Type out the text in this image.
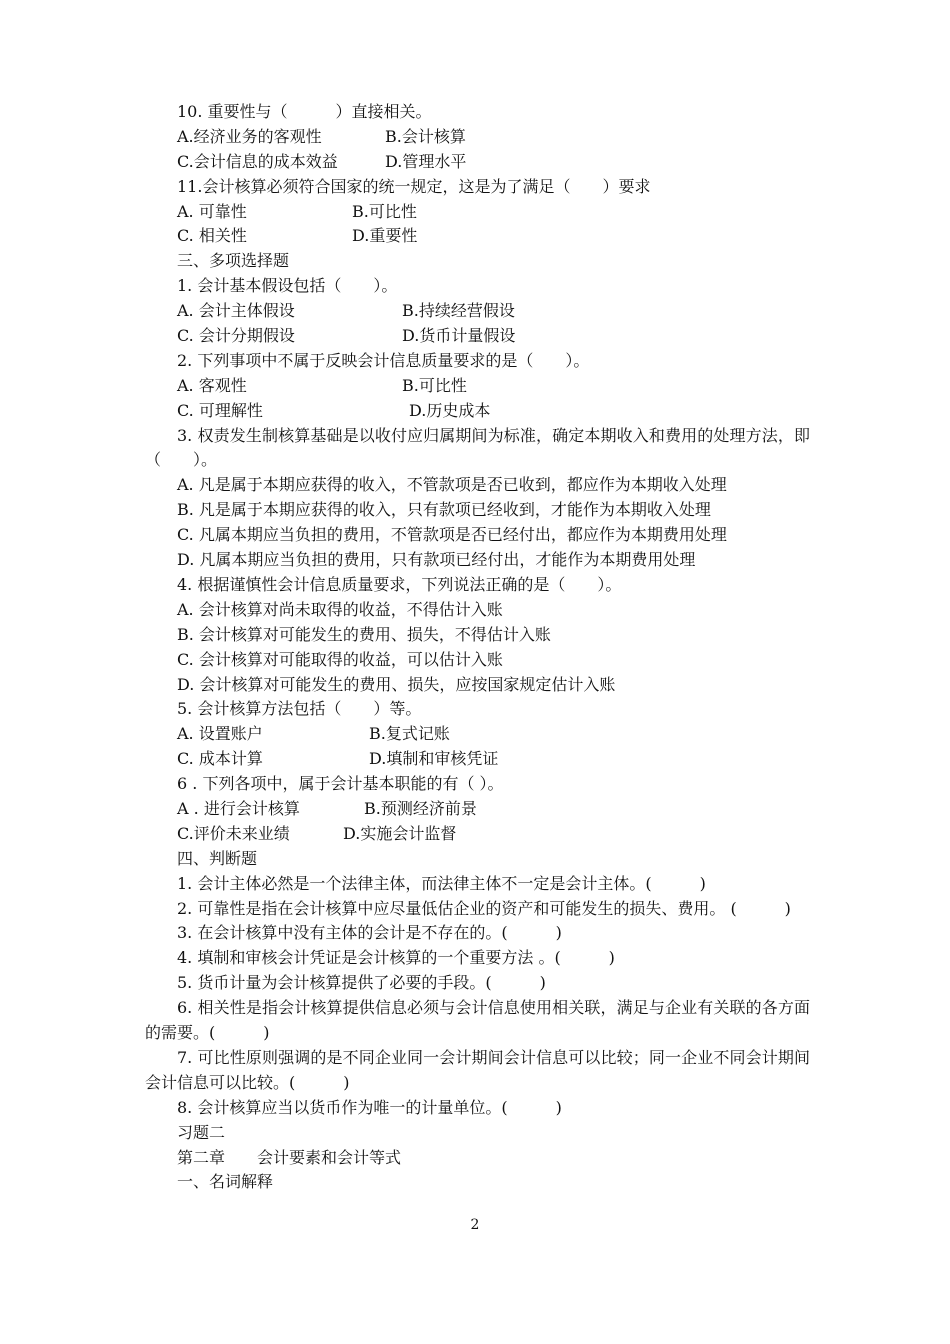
10. 重要性与（　　　）直接相关。
A.经济业务的客观性	B.会计核算
C.会计信息的成本效益	D.管理水平
11.会计核算必须符合国家的统一规定，这是为了满足（　　）要求
A. 可靠性	B.可比性
C. 相关性	D.重要性
三、多项选择题
1. 会计基本假设包括（　　）。
A. 会计主体假设	B.持续经营假设
C. 会计分期假设	D.货币计量假设
2. 下列事项中不属于反映会计信息质量要求的是（　　）。
A. 客观性	B.可比性
C. 可理解性	D.历史成本
3. 权责发生制核算基础是以收付应归属期间为标准，确定本期收入和费用的处理方法，即（　　）。
A. 凡是属于本期应获得的收入，不管款项是否已收到，都应作为本期收入处理
B. 凡是属于本期应获得的收入，只有款项已经收到，才能作为本期收入处理
C. 凡属本期应当负担的费用，不管款项是否已经付出，都应作为本期费用处理
D. 凡属本期应当负担的费用，只有款项已经付出，才能作为本期费用处理
4. 根据谨慎性会计信息质量要求，下列说法正确的是（　　）。
A. 会计核算对尚未取得的收益，不得估计入账
B. 会计核算对可能发生的费用、损失，不得估计入账
C. 会计核算对可能取得的收益，可以估计入账
D. 会计核算对可能发生的费用、损失，应按国家规定估计入账
5. 会计核算方法包括（　　）等。
A. 设置账户	B.复式记账
C. 成本计算	D.填制和审核凭证
6 . 下列各项中，属于会计基本职能的有（ ）。
A . 进行会计核算	B.预测经济前景
C.评价未来业绩	D.实施会计监督
四、判断题
1. 会计主体必然是一个法律主体，而法律主体不一定是会计主体。(　　　)
2. 可靠性是指在会计核算中应尽量低估企业的资产和可能发生的损失、费用。 (　　　)
3. 在会计核算中没有主体的会计是不存在的。(　　　)
4. 填制和审核会计凭证是会计核算的一个重要方法 。(　　　)
5. 货币计量为会计核算提供了必要的手段。(　　　)
6. 相关性是指会计核算提供信息必须与会计信息使用相关联，满足与企业有关联的各方面的需要。(　　　)
7. 可比性原则强调的是不同企业同一会计期间会计信息可以比较；同一企业不同会计期间会计信息可以比较。(　　　)
8. 会计核算应当以货币作为唯一的计量单位。(　　　)
习题二
第二章　　会计要素和会计等式
一、名词解释
2
